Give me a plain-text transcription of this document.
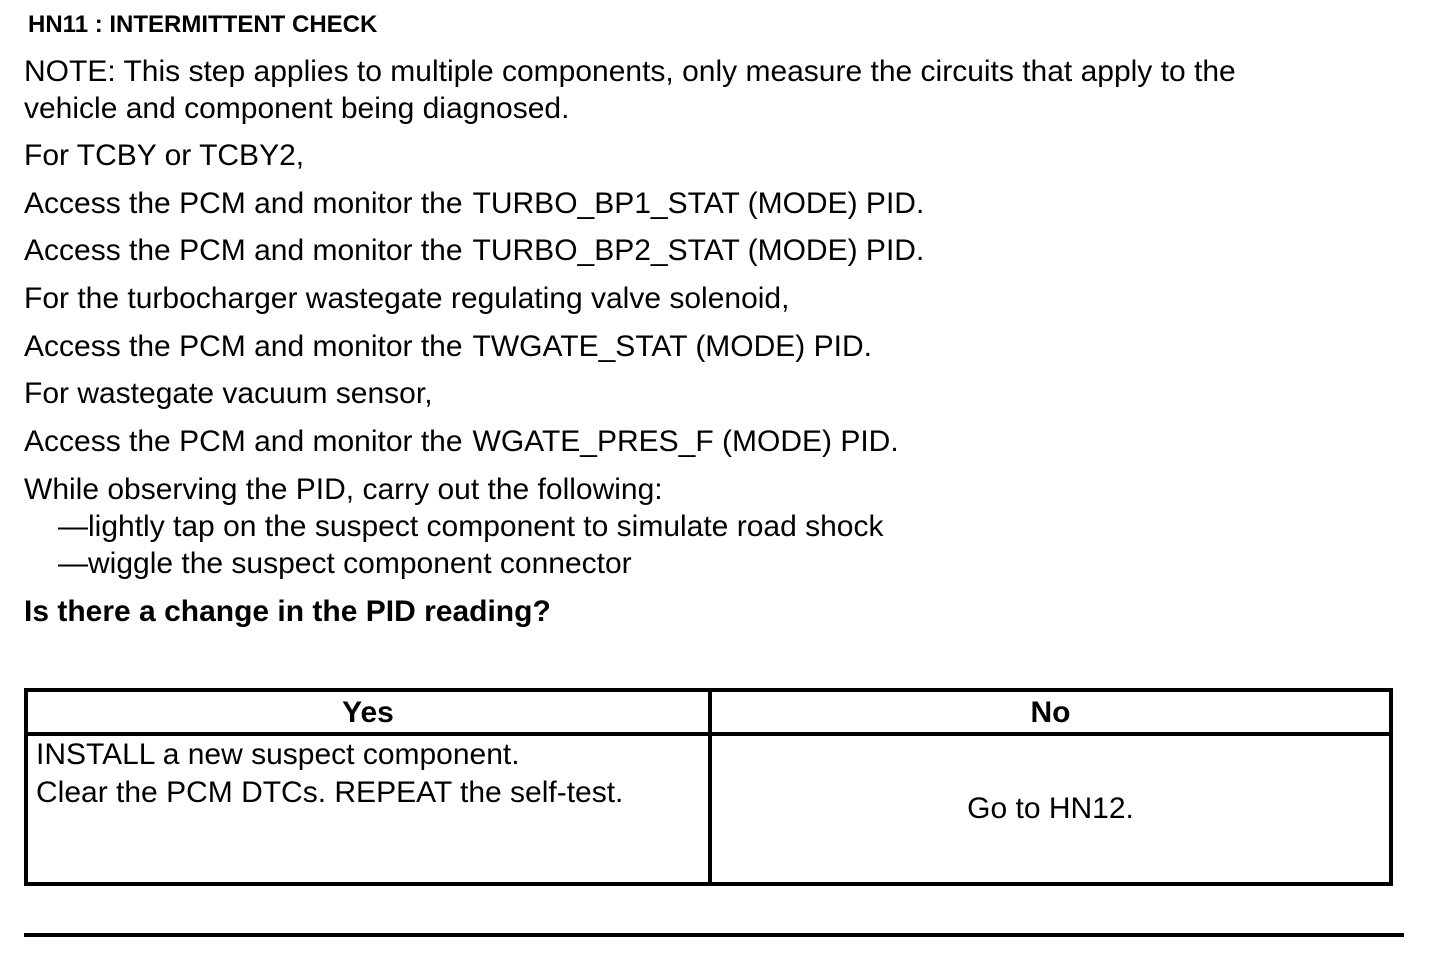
HN11 : INTERMITTENT CHECK
NOTE: This step applies to multiple components, only measure the circuits that apply to the
vehicle and component being diagnosed.
For TCBY or TCBY2,
Access the PCM and monitor the TURBO_BP1_STAT (MODE) PID.
Access the PCM and monitor the TURBO_BP2_STAT (MODE) PID.
For the turbocharger wastegate regulating valve solenoid,
Access the PCM and monitor the TWGATE_STAT (MODE) PID.
For wastegate vacuum sensor,
Access the PCM and monitor the WGATE_PRES_F (MODE) PID.
While observing the PID, carry out the following:
—lightly tap on the suspect component to simulate road shock
—wiggle the suspect component connector
Is there a change in the PID reading?
Yes	No
INSTALL a new suspect component.
Clear the PCM DTCs. REPEAT the self-test.	Go to HN12.
